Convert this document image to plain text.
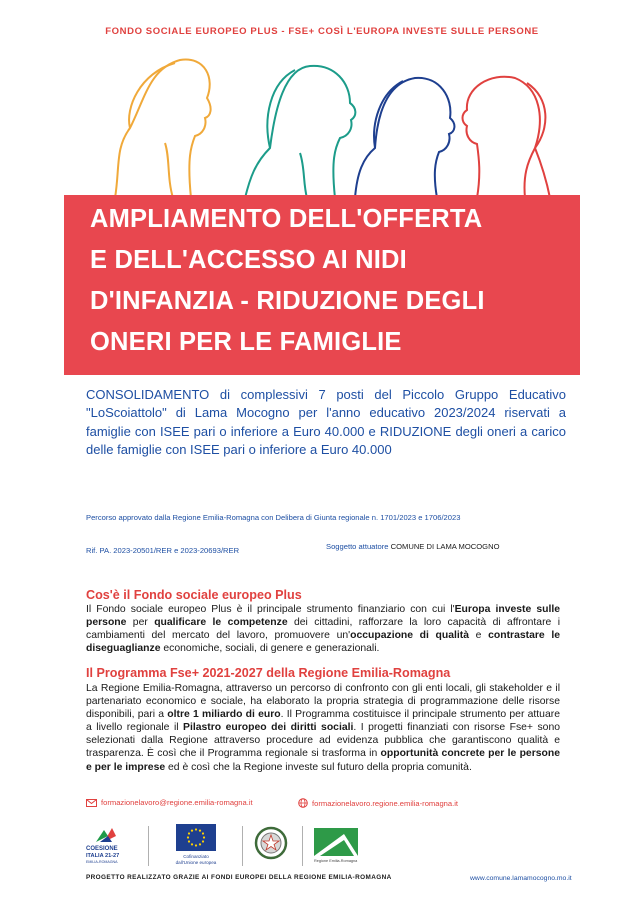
FONDO SOCIALE EUROPEO PLUS - FSE+ COSÌ L'EUROPA INVESTE SULLE PERSONE
AMPLIAMENTO DELL'OFFERTA
E DELL'ACCESSO AI NIDI
D'INFANZIA - RIDUZIONE DEGLI
ONERI PER LE FAMIGLIE
CONSOLIDAMENTO di complessivi 7 posti del Piccolo Gruppo Educativo "LoScoiattolo" di Lama Mocogno per l'anno educativo 2023/2024 riservati a famiglie con ISEE pari o inferiore a Euro 40.000 e RIDUZIONE degli oneri a carico delle famiglie con ISEE pari o inferiore a Euro 40.000
Percorso approvato dalla Regione Emilia-Romagna con Delibera di Giunta regionale n. 1701/2023 e 1706/2023
Rif. PA. 2023-20501/RER e 2023-20693/RER	Soggetto attuatore COMUNE DI LAMA MOCOGNO
Cos'è il Fondo sociale europeo Plus
Il Fondo sociale europeo Plus è il principale strumento finanziario con cui l'Europa investe sulle persone per qualificare le competenze dei cittadini, rafforzare la loro capacità di affrontare i cambiamenti del mercato del lavoro, promuovere un'occupazione di qualità e contrastare le diseguaglianze economiche, sociali, di genere e generazionali.
Il Programma Fse+ 2021-2027 della Regione Emilia-Romagna
La Regione Emilia-Romagna, attraverso un percorso di confronto con gli enti locali, gli stakeholder e il partenariato economico e sociale, ha elaborato la propria strategia di programmazione delle risorse disponibili, pari a oltre 1 miliardo di euro. Il Programma costituisce il principale strumento per attuare a livello regionale il Pilastro europeo dei diritti sociali. I progetti finanziati con risorse Fse+ sono selezionati dalla Regione attraverso procedure ad evidenza pubblica che garantiscono qualità e trasparenza. È così che il Programma regionale si trasforma in opportunità concrete per le persone e per le imprese ed è così che la Regione investe sul futuro della propria comunità.
formazionelavoro@regione.emilia-romagna.it	formazionelavoro.regione.emilia-romagna.it
COESIONE
ITALIA 21-27
EMILIA-ROMAGNA
Cofinanziato
dall'Unione europea	Regione Emilia-Romagna
PROGETTO REALIZZATO GRAZIE AI FONDI EUROPEI DELLA REGIONE EMILIA-ROMAGNA	www.comune.lamamocogno.mo.it
